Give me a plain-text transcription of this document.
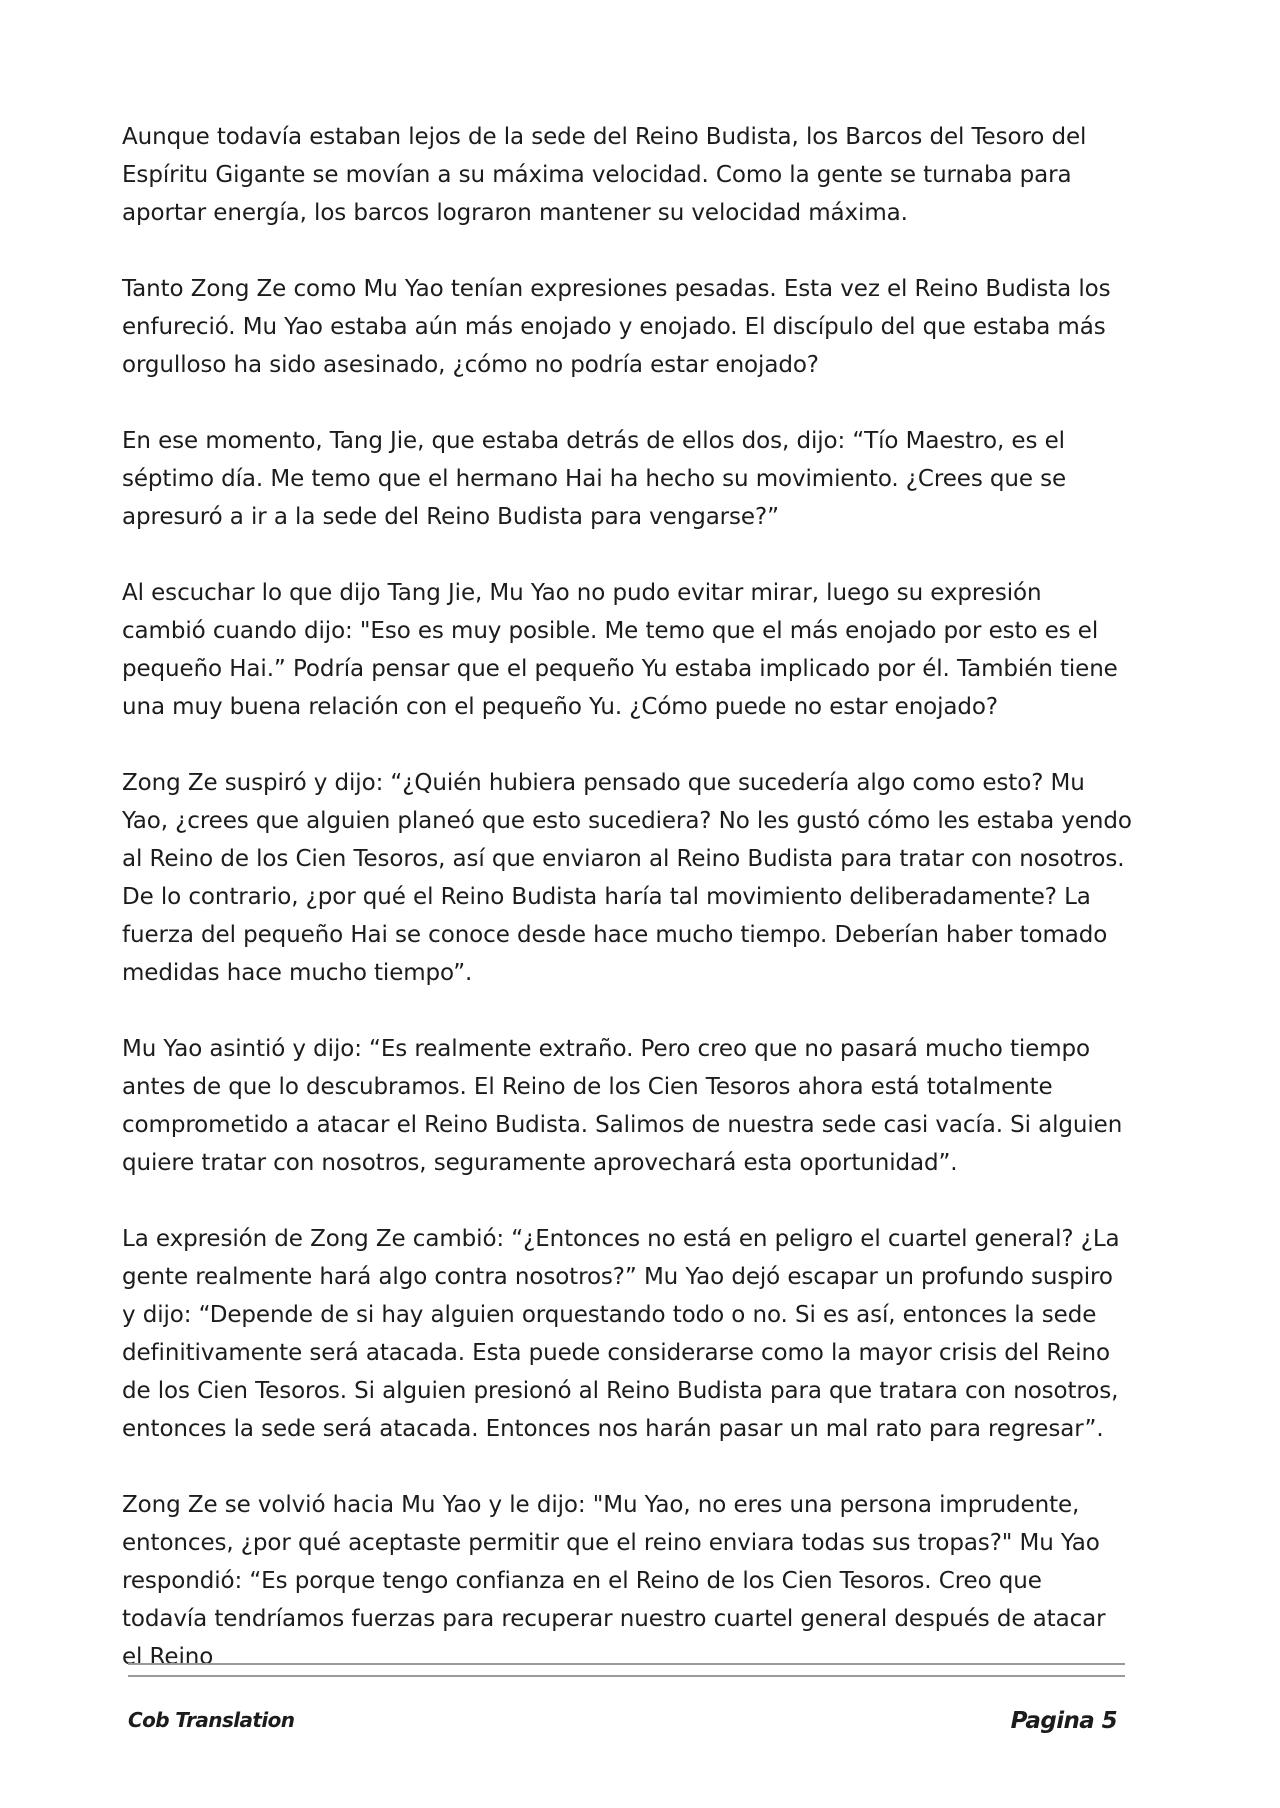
Aunque todavía estaban lejos de la sede del Reino Budista, los Barcos del Tesoro del Espíritu Gigante se movían a su máxima velocidad. Como la gente se turnaba para aportar energía, los barcos lograron mantener su velocidad máxima.

Tanto Zong Ze como Mu Yao tenían expresiones pesadas. Esta vez el Reino Budista los enfureció. Mu Yao estaba aún más enojado y enojado. El discípulo del que estaba más orgulloso ha sido asesinado, ¿cómo no podría estar enojado?

En ese momento, Tang Jie, que estaba detrás de ellos dos, dijo: “Tío Maestro, es el séptimo día. Me temo que el hermano Hai ha hecho su movimiento. ¿Crees que se apresuró a ir a la sede del Reino Budista para vengarse?”

Al escuchar lo que dijo Tang Jie, Mu Yao no pudo evitar mirar, luego su expresión cambió cuando dijo: "Eso es muy posible. Me temo que el más enojado por esto es el pequeño Hai.” Podría pensar que el pequeño Yu estaba implicado por él. También tiene una muy buena relación con el pequeño Yu. ¿Cómo puede no estar enojado?

Zong Ze suspiró y dijo: “¿Quién hubiera pensado que sucedería algo como esto? Mu Yao, ¿crees que alguien planeó que esto sucediera? No les gustó cómo les estaba yendo al Reino de los Cien Tesoros, así que enviaron al Reino Budista para tratar con nosotros. De lo contrario, ¿por qué el Reino Budista haría tal movimiento deliberadamente? La fuerza del pequeño Hai se conoce desde hace mucho tiempo. Deberían haber tomado medidas hace mucho tiempo”.

Mu Yao asintió y dijo: “Es realmente extraño. Pero creo que no pasará mucho tiempo antes de que lo descubramos. El Reino de los Cien Tesoros ahora está totalmente comprometido a atacar el Reino Budista. Salimos de nuestra sede casi vacía. Si alguien quiere tratar con nosotros, seguramente aprovechará esta oportunidad”.

La expresión de Zong Ze cambió: “¿Entonces no está en peligro el cuartel general? ¿La gente realmente hará algo contra nosotros?” Mu Yao dejó escapar un profundo suspiro y dijo: “Depende de si hay alguien orquestando todo o no. Si es así, entonces la sede definitivamente será atacada. Esta puede considerarse como la mayor crisis del Reino de los Cien Tesoros. Si alguien presionó al Reino Budista para que tratara con nosotros, entonces la sede será atacada. Entonces nos harán pasar un mal rato para regresar”.

Zong Ze se volvió hacia Mu Yao y le dijo: "Mu Yao, no eres una persona imprudente, entonces, ¿por qué aceptaste permitir que el reino enviara todas sus tropas?" Mu Yao respondió: “Es porque tengo confianza en el Reino de los Cien Tesoros. Creo que todavía tendríamos fuerzas para recuperar nuestro cuartel general después de atacar el Reino

Cob Translation	Pagina 5
